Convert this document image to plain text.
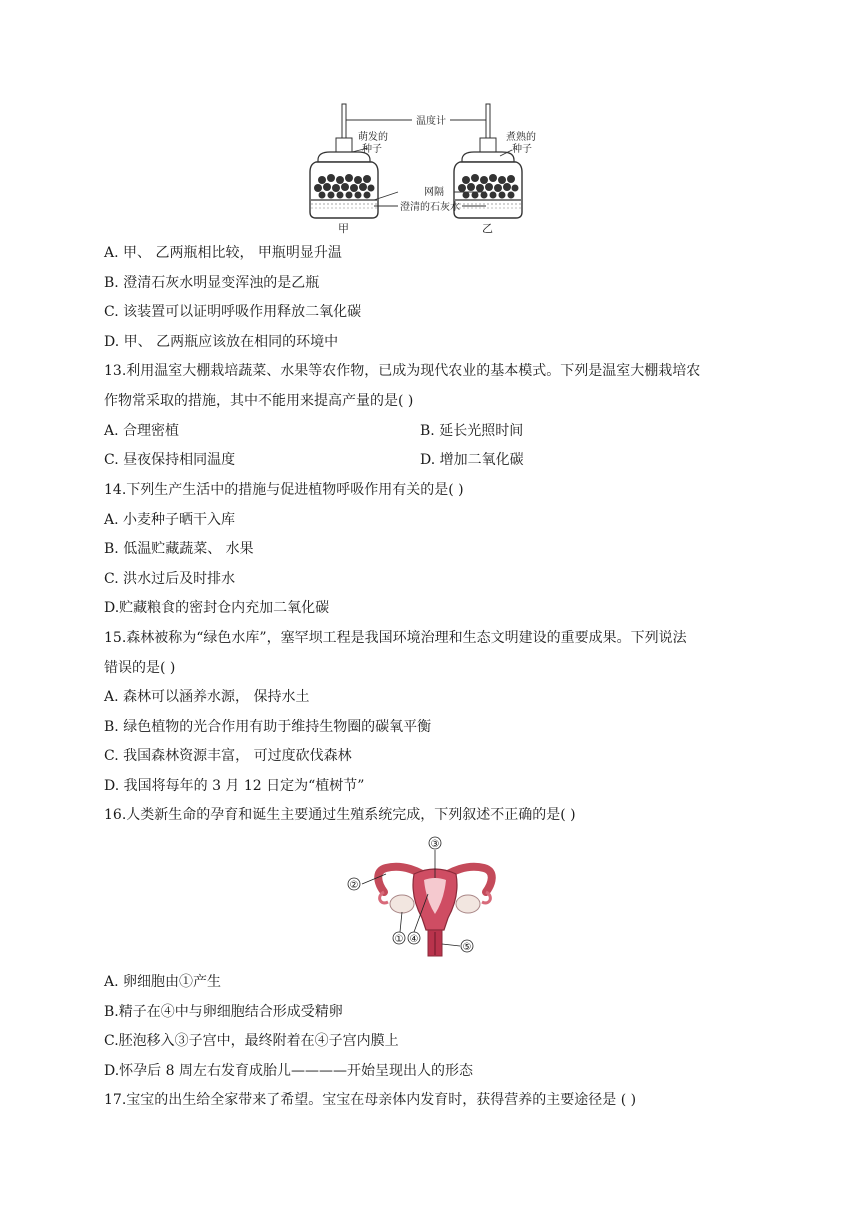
温度计
萌发的
种子
煮熟的
种子
网隔
澄清的石灰水
甲	乙
A. 甲、 乙两瓶相比较， 甲瓶明显升温
B. 澄清石灰水明显变浑浊的是乙瓶
C. 该装置可以证明呼吸作用释放二氧化碳
D. 甲、 乙两瓶应该放在相同的环境中
13.利用温室大棚栽培蔬菜、水果等农作物，已成为现代农业的基本模式。下列是温室大棚栽培农
作物常采取的措施，其中不能用来提高产量的是( )
A. 合理密植	B. 延长光照时间
C. 昼夜保持相同温度	D. 增加二氧化碳
14.下列生产生活中的措施与促进植物呼吸作用有关的是( )
A. 小麦种子晒干入库
B. 低温贮藏蔬菜、 水果
C. 洪水过后及时排水
D.贮藏粮食的密封仓内充加二氧化碳
15.森林被称为“绿色水库”，塞罕坝工程是我国环境治理和生态文明建设的重要成果。下列说法
错误的是( )
A. 森林可以涵养水源， 保持水土
B. 绿色植物的光合作用有助于维持生物圈的碳氧平衡
C. 我国森林资源丰富， 可过度砍伐森林
D. 我国将每年的 3 月 12 日定为“植树节”
16.人类新生命的孕育和诞生主要通过生殖系统完成，下列叙述不正确的是( )
③
②
① ④
⑤
A. 卵细胞由①产生
B.精子在④中与卵细胞结合形成受精卵
C.胚泡移入③子宫中，最终附着在④子宫内膜上
D.怀孕后 8 周左右发育成胎儿————开始呈现出人的形态
17.宝宝的出生给全家带来了希望。宝宝在母亲体内发育时，获得营养的主要途径是 ( )
